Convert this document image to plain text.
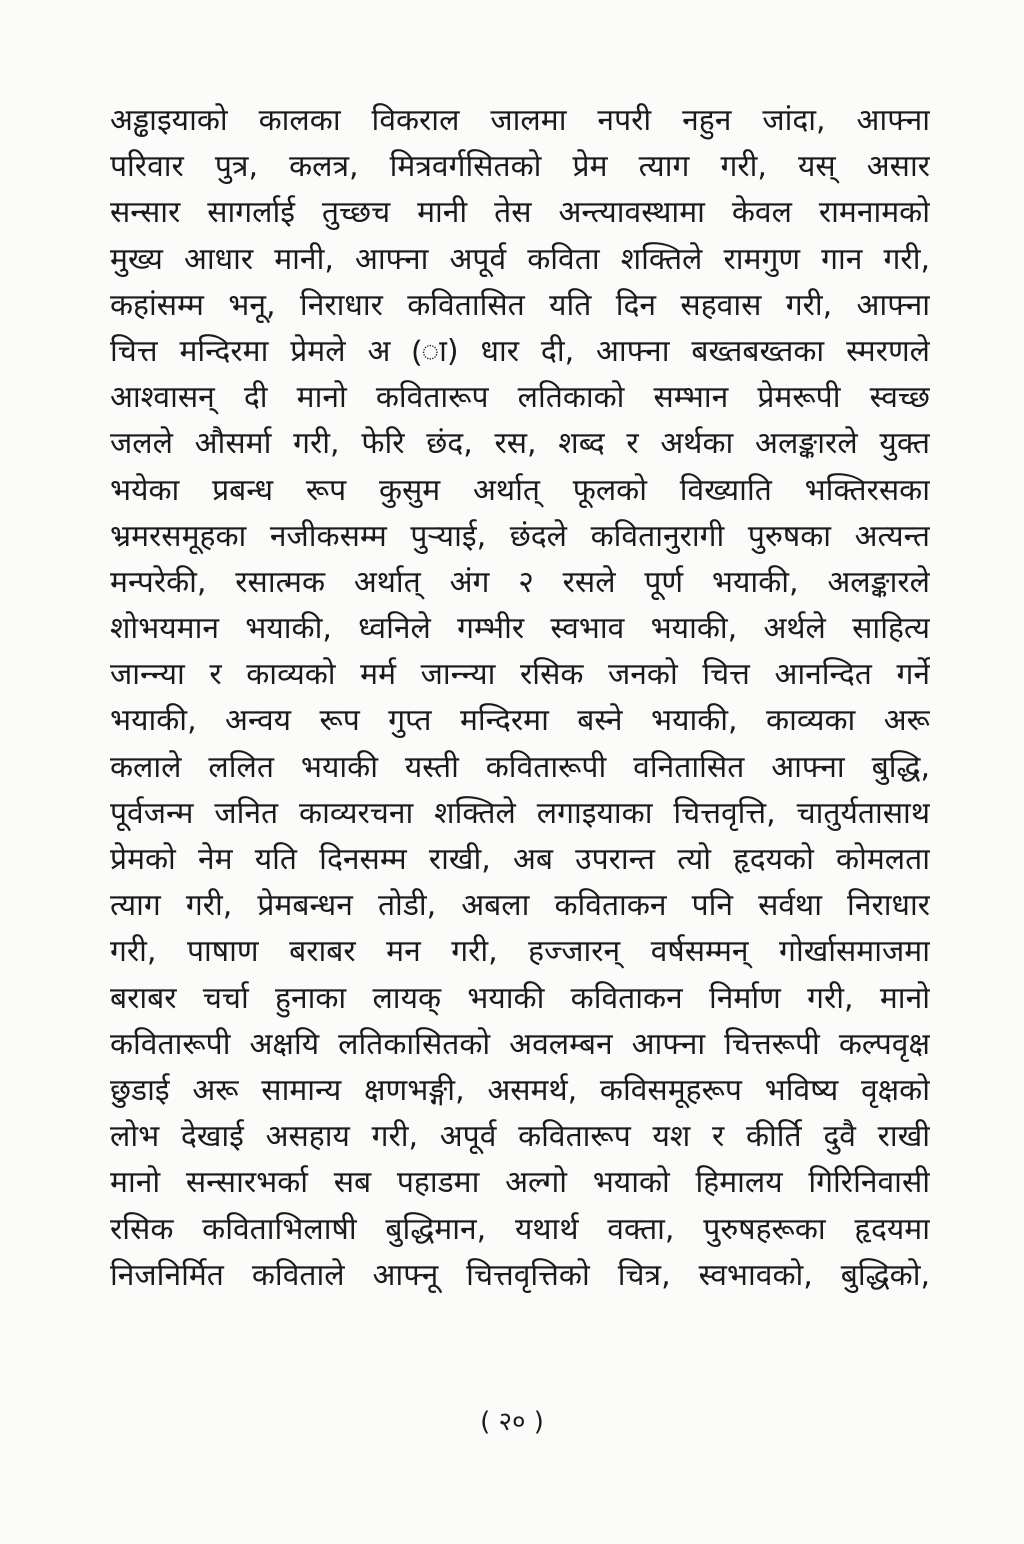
अड्ढाइयाको कालका विकराल जालमा नपरी नहुन जांदा, आफ्ना
परिवार पुत्र, कलत्र, मित्रवर्गसितको प्रेम त्याग गरी, यस् असार
सन्सार सागर्लाई तुच्छच मानी तेस अन्त्यावस्थामा केवल रामनामको
मुख्य आधार मानी, आफ्ना अपूर्व कविता शक्तिले रामगुण गान गरी,
कहांसम्म भनू, निराधार कवितासित यति दिन सहवास गरी, आफ्ना
चित्त मन्दिरमा प्रेमले अ (ा) धार दी, आफ्ना बख्तबख्तका स्मरणले
आश्वासन् दी मानो कवितारूप लतिकाको सम्भान प्रेमरूपी स्वच्छ
जलले औसर्मा गरी, फेरि छंद, रस, शब्द र अर्थका अलङ्कारले युक्त
भयेका प्रबन्ध रूप कुसुम अर्थात् फूलको विख्याति भक्तिरसका
भ्रमरसमूहका नजीकसम्म पुऱ्याई, छंदले कवितानुरागी पुरुषका अत्यन्त
मन्परेकी, रसात्मक अर्थात् अंग २ रसले पूर्ण भयाकी, अलङ्कारले
शोभयमान भयाकी, ध्वनिले गम्भीर स्वभाव भयाकी, अर्थले साहित्य
जान्न्या र काव्यको मर्म जान्न्या रसिक जनको चित्त आनन्दित गर्ने
भयाकी, अन्वय रूप गुप्त मन्दिरमा बस्ने भयाकी, काव्यका अरू
कलाले ललित भयाकी यस्ती कवितारूपी वनितासित आफ्ना बुद्धि,
पूर्वजन्म जनित काव्यरचना शक्तिले लगाइयाका चित्तवृत्ति, चातुर्यतासाथ
प्रेमको नेम यति दिनसम्म राखी, अब उपरान्त त्यो हृदयको कोमलता
त्याग गरी, प्रेमबन्धन तोडी, अबला कविताकन पनि सर्वथा निराधार
गरी, पाषाण बराबर मन गरी, हज्जारन् वर्षसम्मन् गोर्खासमाजमा
बराबर चर्चा हुनाका लायक् भयाकी कविताकन निर्माण गरी, मानो
कवितारूपी अक्षयि लतिकासितको अवलम्बन आफ्ना चित्तरूपी कल्पवृक्ष
छुडाई अरू सामान्य क्षणभङ्गी, असमर्थ, कविसमूहरूप भविष्य वृक्षको
लोभ देखाई असहाय गरी, अपूर्व कवितारूप यश र कीर्ति दुवै राखी
मानो सन्सारभर्का सब पहाडमा अल्गो भयाको हिमालय गिरिनिवासी
रसिक कविताभिलाषी बुद्धिमान, यथार्थ वक्ता, पुरुषहरूका हृदयमा
निजनिर्मित कविताले आफ्नू चित्तवृत्तिको चित्र, स्वभावको, बुद्धिको,
( २० )
